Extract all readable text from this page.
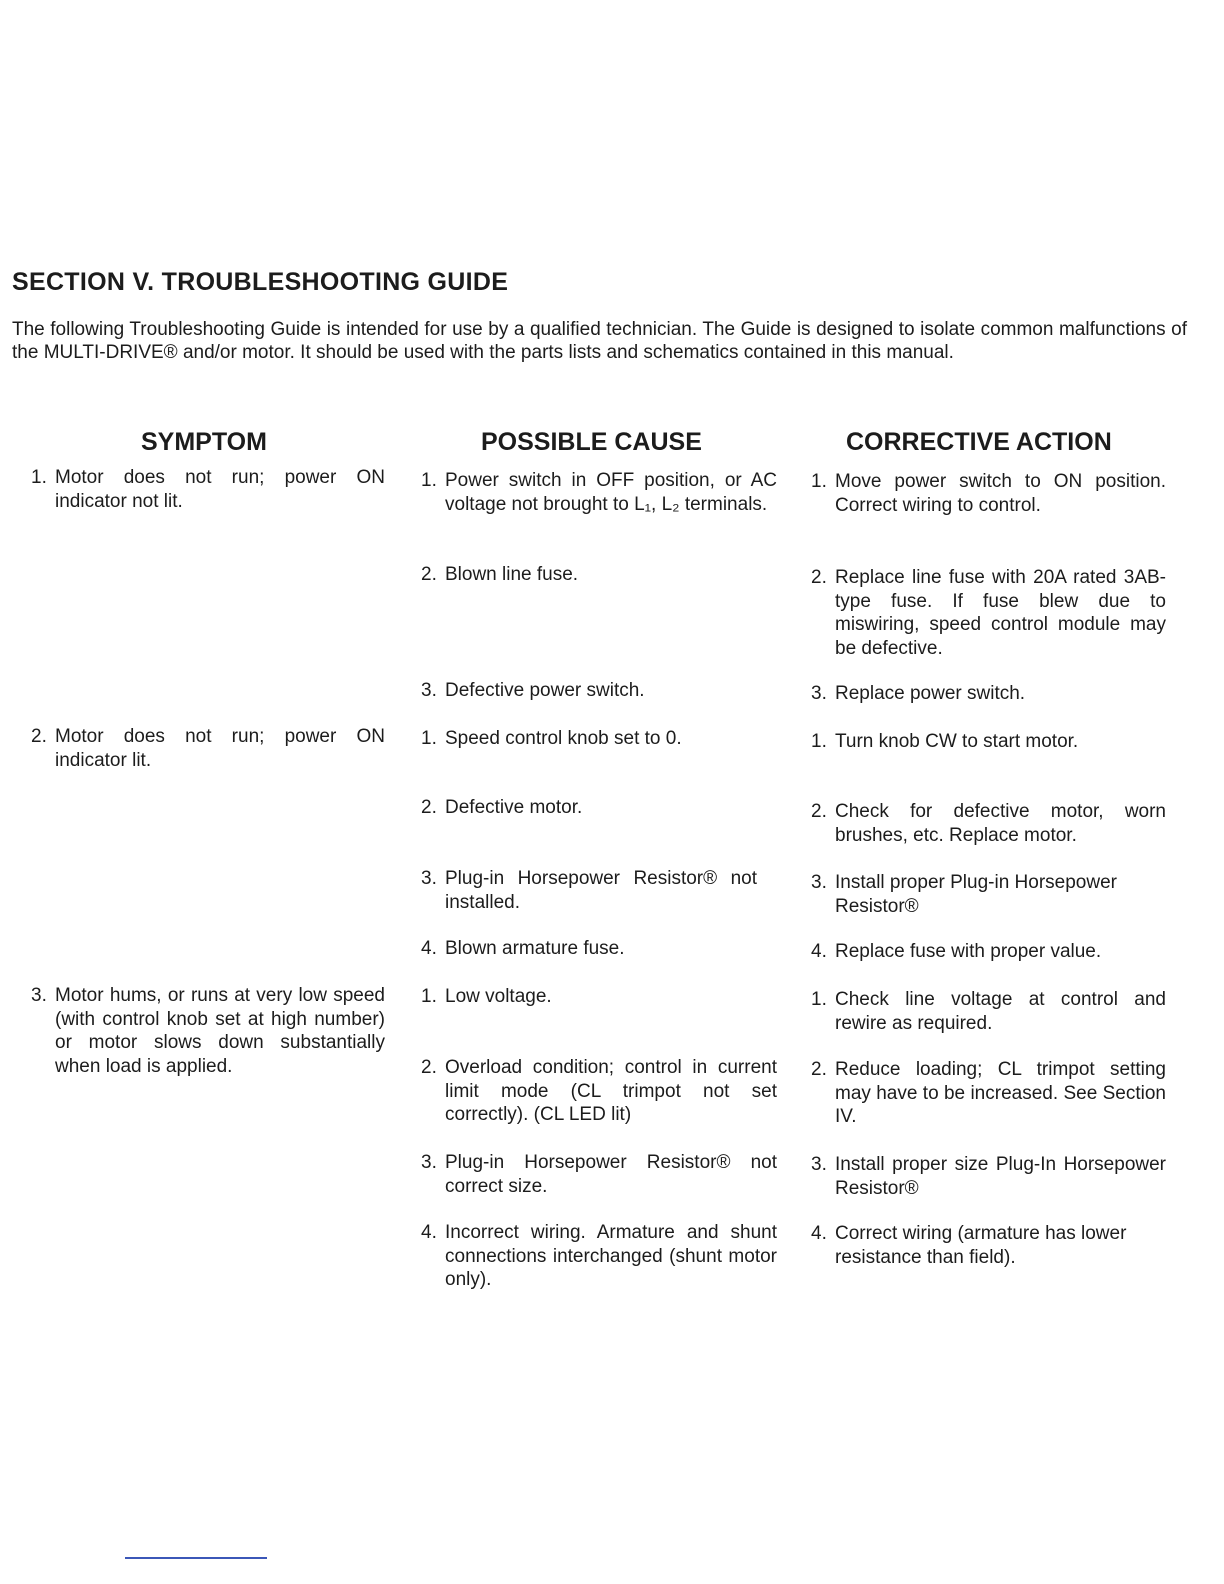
SECTION V. TROUBLESHOOTING GUIDE
The following Troubleshooting Guide is intended for use by a qualified technician. The Guide is designed to isolate common malfunctions of the MULTI-DRIVE® and/or motor. It should be used with the parts lists and schematics contained in this manual.
SYMPTOM	POSSIBLE CAUSE	CORRECTIVE ACTION
1. Motor does not run; power ON indicator not lit.
2. Motor does not run; power ON indicator lit.
3. Motor hums, or runs at very low speed (with control knob set at high number) or motor slows down substantially when load is applied.
1. Power switch in OFF position, or AC voltage not brought to L₁, L₂ terminals.
2. Blown line fuse.
3. Defective power switch.
1. Speed control knob set to 0.
2. Defective motor.
3. Plug-in Horsepower Resistor® not installed.
4. Blown armature fuse.
1. Low voltage.
2. Overload condition; control in current limit mode (CL trimpot not set correctly). (CL LED lit)
3. Plug-in Horsepower Resistor® not correct size.
4. Incorrect wiring. Armature and shunt connections interchanged (shunt motor only).
1. Move power switch to ON position. Correct wiring to control.
2. Replace line fuse with 20A rated 3AB-type fuse. If fuse blew due to miswiring, speed control module may be defective.
3. Replace power switch.
1. Turn knob CW to start motor.
2. Check for defective motor, worn brushes, etc. Replace motor.
3. Install proper Plug-in Horsepower Resistor®
4. Replace fuse with proper value.
1. Check line voltage at control and rewire as required.
2. Reduce loading; CL trimpot setting may have to be increased. See Section IV.
3. Install proper size Plug-In Horsepower Resistor®
4. Correct wiring (armature has lower resistance than field).
